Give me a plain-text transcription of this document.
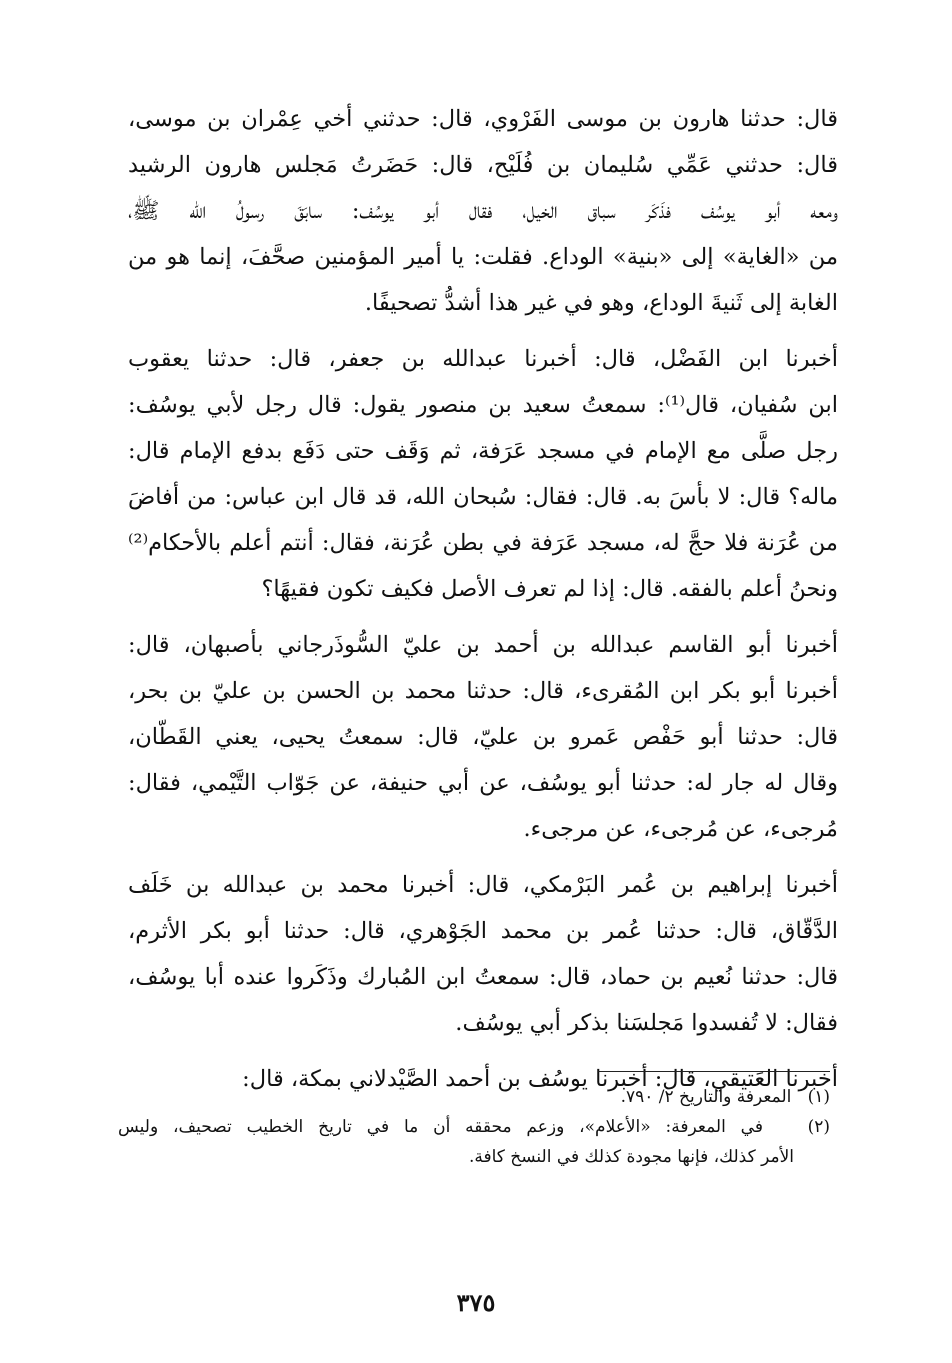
قال: حدثنا هارون بن موسى الفَرْوي، قال: حدثني أخي عِمْران بن موسى،
قال: حدثني عَمِّي سُليمان بن فُلَيْح، قال: حَضَرتُ مَجلس هارون الرشيد
ومعه أبو يوسُف فذَكَر سباق الخيل، فقال أبو يوسُف: سابَقَ رسولُ الله ﷺ،
من «الغاية» إلى «بنية» الوداع. فقلت: يا أمير المؤمنين صحَّفَ، إنما هو من
الغابة إلى ثَنيةَ الوداع، وهو في غير هذا أشدُّ تصحيفًا.
أخبرنا ابن الفَضْل، قال: أخبرنا عبدالله بن جعفر، قال: حدثنا يعقوب
ابن سُفيان، قال⁽¹⁾: سمعتُ سعيد بن منصور يقول: قال رجل لأبي يوسُف:
رجل صلَّى مع الإمام في مسجد عَرَفة، ثم وَقَف حتى دَفَع بدفع الإمام قال:
ماله؟ قال: لا بأسَ به. قال: فقال: سُبحان الله، قد قال ابن عباس: من أفاضَ
من عُرَنة فلا حجَّ له، مسجد عَرَفة في بطن عُرَنة، فقال: أنتم أعلم بالأحكام⁽²⁾
ونحنُ أعلم بالفقه. قال: إذا لم تعرف الأصل فكيف تكون فقيهًا؟
أخبرنا أبو القاسم عبدالله بن أحمد بن عليّ السُّوذَرجاني بأصبهان، قال:
أخبرنا أبو بكر ابن المُقرىء، قال: حدثنا محمد بن الحسن بن عليّ بن بحر،
قال: حدثنا أبو حَفْص عَمرو بن عليّ، قال: سمعتُ يحيى، يعني القَطّان،
وقال له جار له: حدثنا أبو يوسُف، عن أبي حنيفة، عن جَوّاب التَّيْمي، فقال:
مُرجىء، عن مُرجىء، عن مرجىء.
أخبرنا إبراهيم بن عُمر البَرْمكي، قال: أخبرنا محمد بن عبدالله بن خَلَف
الدَّقّاق، قال: حدثنا عُمر بن محمد الجَوْهري، قال: حدثنا أبو بكر الأثرم،
قال: حدثنا نُعيم بن حماد، قال: سمعتُ ابن المُبارك وذَكَروا عنده أبا يوسُف،
فقال: لا تُفسدوا مَجلسَنا بذكر أبي يوسُف.
أخبرنا العَتيقي، قال: أخبرنا يوسُف بن أحمد الصَّيْدلاني بمكة، قال:
(١)   المعرفة والتاريخ ٢/ ٧٩٠.
(٢)   في المعرفة: «الأعلام»، وزعم محققه أن ما في تاريخ الخطيب تصحيف، وليس
الأمر كذلك، فإنها مجودة كذلك في النسخ كافة.
٣٧٥
